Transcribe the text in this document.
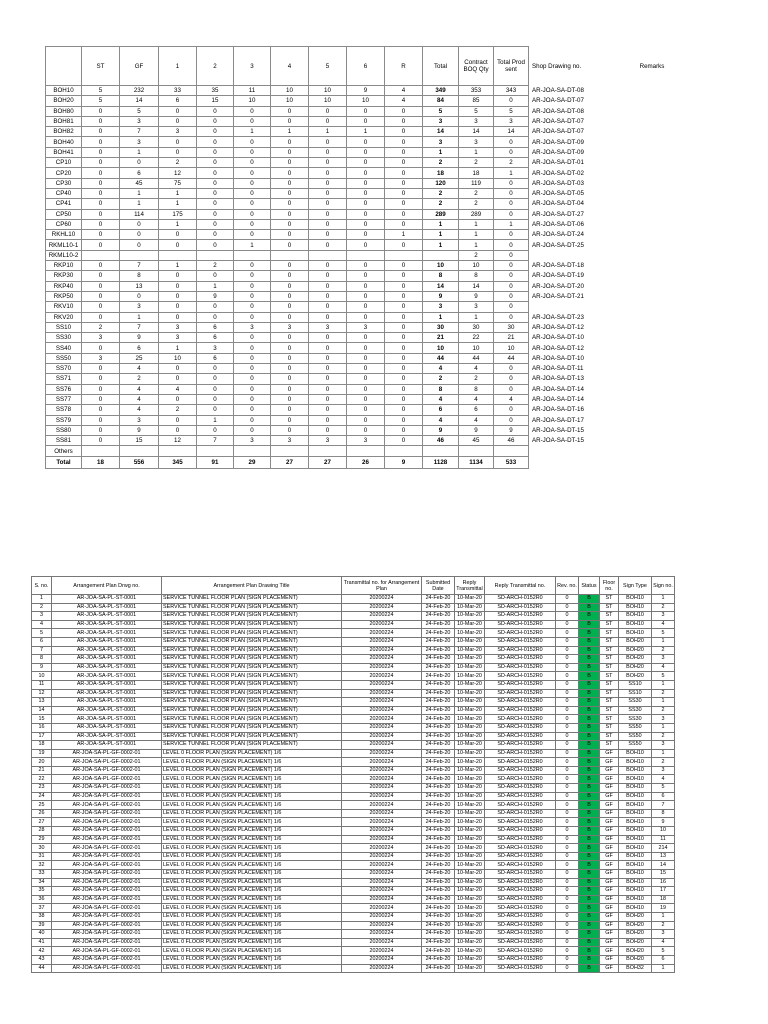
	ST	GF	1	2	3	4	5	6	R	Total	Contract BOQ Qty	Total Prod sent	Shop Drawing no.	Remarks
BOH10	5	232	33	35	11	10	10	9	4	349	353	343	AR-JOA-SA-DT-08	
BOH20	5	14	6	15	10	10	10	10	4	84	85	0	AR-JOA-SA-DT-07	
BOH80	0	5	0	0	0	0	0	0	0	5	5	5	AR-JOA-SA-DT-08	
BOH81	0	3	0	0	0	0	0	0	0	3	3	3	AR-JOA-SA-DT-07	
BOH82	0	7	3	0	1	1	1	1	0	14	14	14	AR-JOA-SA-DT-07	
BOH40	0	3	0	0	0	0	0	0	0	3	3	0	AR-JOA-SA-DT-09	
BOH41	0	1	0	0	0	0	0	0	0	1	1	0	AR-JOA-SA-DT-09	
CP10	0	0	2	0	0	0	0	0	0	2	2	2	AR-JOA-SA-DT-01	
CP20	0	6	12	0	0	0	0	0	0	18	18	1	AR-JOA-SA-DT-02	
CP30	0	45	75	0	0	0	0	0	0	120	119	0	AR-JOA-SA-DT-03	
CP40	0	1	1	0	0	0	0	0	0	2	2	0	AR-JOA-SA-DT-05	
CP41	0	1	1	0	0	0	0	0	0	2	2	0	AR-JOA-SA-DT-04	
CP50	0	114	175	0	0	0	0	0	0	289	289	0	AR-JOA-SA-DT-27	
CP60	0	0	1	0	0	0	0	0	0	1	1	1	AR-JOA-SA-DT-06	
RKHL10	0	0	0	0	0	0	0	0	1	1	1	0	AR-JOA-SA-DT-24	
RKML10-1	0	0	0	0	1	0	0	0	0	1	1	0	AR-JOA-SA-DT-25	
RKML10-2											2	0		
RKP10	0	7	1	2	0	0	0	0	0	10	10	0	AR-JOA-SA-DT-18	
RKP30	0	8	0	0	0	0	0	0	0	8	8	0	AR-JOA-SA-DT-19	
RKP40	0	13	0	1	0	0	0	0	0	14	14	0	AR-JOA-SA-DT-20	
RKP50	0	0	0	9	0	0	0	0	0	9	9	0	AR-JOA-SA-DT-21	
RKV10	0	3	0	0	0	0	0	0	0	3	3	0		
RKV20	0	1	0	0	0	0	0	0	0	1	1	0	AR-JOA-SA-DT-23	
SS10	2	7	3	6	3	3	3	3	0	30	30	30	AR-JOA-SA-DT-12	
SS30	3	9	3	6	0	0	0	0	0	21	22	21	AR-JOA-SA-DT-10	
SS40	0	6	1	3	0	0	0	0	0	10	10	10	AR-JOA-SA-DT-12	
SS50	3	25	10	6	0	0	0	0	0	44	44	44	AR-JOA-SA-DT-10	
SS70	0	4	0	0	0	0	0	0	0	4	4	0	AR-JOA-SA-DT-11	
SS71	0	2	0	0	0	0	0	0	0	2	2	0	AR-JOA-SA-DT-13	
SS76	0	4	4	0	0	0	0	0	0	8	8	0	AR-JOA-SA-DT-14	
SS77	0	4	0	0	0	0	0	0	0	4	4	4	AR-JOA-SA-DT-14	
SS78	0	4	2	0	0	0	0	0	0	6	6	0	AR-JOA-SA-DT-16	
SS79	0	3	0	1	0	0	0	0	0	4	4	0	AR-JOA-SA-DT-17	
SS80	0	9	0	0	0	0	0	0	0	9	9	9	AR-JOA-SA-DT-15	
SS81	0	15	12	7	3	3	3	3	0	46	45	46	AR-JOA-SA-DT-15	
Others														
Total	18	556	345	91	29	27	27	26	9	1128	1134	533		
S. no.	Arrangement Plan Drwg no.	Arrangement Plan Drawing Title	Transmittal no. for Arrangement Plan	Submitted Date	Reply Transmittal	Reply Transmittal no.	Rev. no.	Status	Floor no.	Sign Type	Sign no.
1	AR-JOA-SA-PL-ST-0001	SERVICE TUNNEL FLOOR PLAN (SIGN PLACEMENT)	20200224	24-Feb-20	10-Mar-20	SD-ARCH-0152R0	0	B	ST	BOH10	1
2	AR-JOA-SA-PL-ST-0001	SERVICE TUNNEL FLOOR PLAN (SIGN PLACEMENT)	20200224	24-Feb-20	10-Mar-20	SD-ARCH-0152R0	0	B	ST	BOH10	2
3	AR-JOA-SA-PL-ST-0001	SERVICE TUNNEL FLOOR PLAN (SIGN PLACEMENT)	20200224	24-Feb-20	10-Mar-20	SD-ARCH-0152R0	0	B	ST	BOH10	3
4	AR-JOA-SA-PL-ST-0001	SERVICE TUNNEL FLOOR PLAN (SIGN PLACEMENT)	20200224	24-Feb-20	10-Mar-20	SD-ARCH-0152R0	0	B	ST	BOH10	4
5	AR-JOA-SA-PL-ST-0001	SERVICE TUNNEL FLOOR PLAN (SIGN PLACEMENT)	20200224	24-Feb-20	10-Mar-20	SD-ARCH-0152R0	0	B	ST	BOH10	5
6	AR-JOA-SA-PL-ST-0001	SERVICE TUNNEL FLOOR PLAN (SIGN PLACEMENT)	20200224	24-Feb-20	10-Mar-20	SD-ARCH-0152R0	0	B	ST	BOH20	1
7	AR-JOA-SA-PL-ST-0001	SERVICE TUNNEL FLOOR PLAN (SIGN PLACEMENT)	20200224	24-Feb-20	10-Mar-20	SD-ARCH-0152R0	0	B	ST	BOH20	2
8	AR-JOA-SA-PL-ST-0001	SERVICE TUNNEL FLOOR PLAN (SIGN PLACEMENT)	20200224	24-Feb-20	10-Mar-20	SD-ARCH-0152R0	0	B	ST	BOH20	3
9	AR-JOA-SA-PL-ST-0001	SERVICE TUNNEL FLOOR PLAN (SIGN PLACEMENT)	20200224	24-Feb-20	10-Mar-20	SD-ARCH-0152R0	0	B	ST	BOH20	4
10	AR-JOA-SA-PL-ST-0001	SERVICE TUNNEL FLOOR PLAN (SIGN PLACEMENT)	20200224	24-Feb-20	10-Mar-20	SD-ARCH-0152R0	0	B	ST	BOH20	5
11	AR-JOA-SA-PL-ST-0001	SERVICE TUNNEL FLOOR PLAN (SIGN PLACEMENT)	20200224	24-Feb-20	10-Mar-20	SD-ARCH-0152R0	0	B	ST	SS10	1
12	AR-JOA-SA-PL-ST-0001	SERVICE TUNNEL FLOOR PLAN (SIGN PLACEMENT)	20200224	24-Feb-20	10-Mar-20	SD-ARCH-0152R0	0	B	ST	SS10	2
13	AR-JOA-SA-PL-ST-0001	SERVICE TUNNEL FLOOR PLAN (SIGN PLACEMENT)	20200224	24-Feb-20	10-Mar-20	SD-ARCH-0152R0	0	B	ST	SS30	1
14	AR-JOA-SA-PL-ST-0001	SERVICE TUNNEL FLOOR PLAN (SIGN PLACEMENT)	20200224	24-Feb-20	10-Mar-20	SD-ARCH-0152R0	0	B	ST	SS30	2
15	AR-JOA-SA-PL-ST-0001	SERVICE TUNNEL FLOOR PLAN (SIGN PLACEMENT)	20200224	24-Feb-20	10-Mar-20	SD-ARCH-0152R0	0	B	ST	SS30	3
16	AR-JOA-SA-PL-ST-0001	SERVICE TUNNEL FLOOR PLAN (SIGN PLACEMENT)	20200224	24-Feb-20	10-Mar-20	SD-ARCH-0152R0	0	B	ST	SS50	1
17	AR-JOA-SA-PL-ST-0001	SERVICE TUNNEL FLOOR PLAN (SIGN PLACEMENT)	20200224	24-Feb-20	10-Mar-20	SD-ARCH-0152R0	0	B	ST	SS50	2
18	AR-JOA-SA-PL-ST-0001	SERVICE TUNNEL FLOOR PLAN (SIGN PLACEMENT)	20200224	24-Feb-20	10-Mar-20	SD-ARCH-0152R0	0	B	ST	SS50	3
19	AR-JOA-SA-PL-GF-0002-01	LEVEL 0 FLOOR PLAN (SIGN PLACEMENT) 1/6	20200224	24-Feb-20	10-Mar-20	SD-ARCH-0152R0	0	B	GF	BOH10	1
20	AR-JOA-SA-PL-GF-0002-01	LEVEL 0 FLOOR PLAN (SIGN PLACEMENT) 1/6	20200224	24-Feb-20	10-Mar-20	SD-ARCH-0152R0	0	B	GF	BOH10	2
21	AR-JOA-SA-PL-GF-0002-01	LEVEL 0 FLOOR PLAN (SIGN PLACEMENT) 1/6	20200224	24-Feb-20	10-Mar-20	SD-ARCH-0152R0	0	B	GF	BOH10	3
22	AR-JOA-SA-PL-GF-0002-01	LEVEL 0 FLOOR PLAN (SIGN PLACEMENT) 1/6	20200224	24-Feb-20	10-Mar-20	SD-ARCH-0152R0	0	B	GF	BOH10	4
23	AR-JOA-SA-PL-GF-0002-01	LEVEL 0 FLOOR PLAN (SIGN PLACEMENT) 1/6	20200224	24-Feb-20	10-Mar-20	SD-ARCH-0152R0	0	B	GF	BOH10	5
24	AR-JOA-SA-PL-GF-0002-01	LEVEL 0 FLOOR PLAN (SIGN PLACEMENT) 1/6	20200224	24-Feb-20	10-Mar-20	SD-ARCH-0152R0	0	B	GF	BOH10	6
25	AR-JOA-SA-PL-GF-0002-01	LEVEL 0 FLOOR PLAN (SIGN PLACEMENT) 1/6	20200224	24-Feb-20	10-Mar-20	SD-ARCH-0152R0	0	B	GF	BOH10	7
26	AR-JOA-SA-PL-GF-0002-01	LEVEL 0 FLOOR PLAN (SIGN PLACEMENT) 1/6	20200224	24-Feb-20	10-Mar-20	SD-ARCH-0152R0	0	B	GF	BOH10	8
27	AR-JOA-SA-PL-GF-0002-01	LEVEL 0 FLOOR PLAN (SIGN PLACEMENT) 1/6	20200224	24-Feb-20	10-Mar-20	SD-ARCH-0152R0	0	B	GF	BOH10	9
28	AR-JOA-SA-PL-GF-0002-01	LEVEL 0 FLOOR PLAN (SIGN PLACEMENT) 1/6	20200224	24-Feb-20	10-Mar-20	SD-ARCH-0152R0	0	B	GF	BOH10	10
29	AR-JOA-SA-PL-GF-0002-01	LEVEL 0 FLOOR PLAN (SIGN PLACEMENT) 1/6	20200224	24-Feb-20	10-Mar-20	SD-ARCH-0152R0	0	B	GF	BOH10	11
30	AR-JOA-SA-PL-GF-0002-01	LEVEL 0 FLOOR PLAN (SIGN PLACEMENT) 1/6	20200224	24-Feb-20	10-Mar-20	SD-ARCH-0152R0	0	B	GF	BOH10	214
31	AR-JOA-SA-PL-GF-0002-01	LEVEL 0 FLOOR PLAN (SIGN PLACEMENT) 1/6	20200224	24-Feb-20	10-Mar-20	SD-ARCH-0152R0	0	B	GF	BOH10	13
32	AR-JOA-SA-PL-GF-0002-01	LEVEL 0 FLOOR PLAN (SIGN PLACEMENT) 1/6	20200224	24-Feb-20	10-Mar-20	SD-ARCH-0152R0	0	B	GF	BOH10	14
33	AR-JOA-SA-PL-GF-0002-01	LEVEL 0 FLOOR PLAN (SIGN PLACEMENT) 1/6	20200224	24-Feb-20	10-Mar-20	SD-ARCH-0152R0	0	B	GF	BOH10	15
34	AR-JOA-SA-PL-GF-0002-01	LEVEL 0 FLOOR PLAN (SIGN PLACEMENT) 1/6	20200224	24-Feb-20	10-Mar-20	SD-ARCH-0152R0	0	B	GF	BOH10	16
35	AR-JOA-SA-PL-GF-0002-01	LEVEL 0 FLOOR PLAN (SIGN PLACEMENT) 1/6	20200224	24-Feb-20	10-Mar-20	SD-ARCH-0152R0	0	B	GF	BOH10	17
36	AR-JOA-SA-PL-GF-0002-01	LEVEL 0 FLOOR PLAN (SIGN PLACEMENT) 1/6	20200224	24-Feb-20	10-Mar-20	SD-ARCH-0152R0	0	B	GF	BOH10	18
37	AR-JOA-SA-PL-GF-0002-01	LEVEL 0 FLOOR PLAN (SIGN PLACEMENT) 1/6	20200224	24-Feb-20	10-Mar-20	SD-ARCH-0152R0	0	B	GF	BOH10	19
38	AR-JOA-SA-PL-GF-0002-01	LEVEL 0 FLOOR PLAN (SIGN PLACEMENT) 1/6	20200224	24-Feb-20	10-Mar-20	SD-ARCH-0152R0	0	B	GF	BOH20	1
39	AR-JOA-SA-PL-GF-0002-01	LEVEL 0 FLOOR PLAN (SIGN PLACEMENT) 1/6	20200224	24-Feb-20	10-Mar-20	SD-ARCH-0152R0	0	B	GF	BOH20	2
40	AR-JOA-SA-PL-GF-0002-01	LEVEL 0 FLOOR PLAN (SIGN PLACEMENT) 1/6	20200224	24-Feb-20	10-Mar-20	SD-ARCH-0152R0	0	B	GF	BOH20	3
41	AR-JOA-SA-PL-GF-0002-01	LEVEL 0 FLOOR PLAN (SIGN PLACEMENT) 1/6	20200224	24-Feb-20	10-Mar-20	SD-ARCH-0152R0	0	B	GF	BOH20	4
42	AR-JOA-SA-PL-GF-0002-01	LEVEL 0 FLOOR PLAN (SIGN PLACEMENT) 1/6	20200224	24-Feb-20	10-Mar-20	SD-ARCH-0152R0	0	B	GF	BOH20	5
43	AR-JOA-SA-PL-GF-0002-01	LEVEL 0 FLOOR PLAN (SIGN PLACEMENT) 1/6	20200224	24-Feb-20	10-Mar-20	SD-ARCH-0152R0	0	B	GF	BOH20	6
44	AR-JOA-SA-PL-GF-0002-01	LEVEL 0 FLOOR PLAN (SIGN PLACEMENT) 1/6	20200224	24-Feb-20	10-Mar-20	SD-ARCH-0152R0	0	B	GF	BOH32	1
